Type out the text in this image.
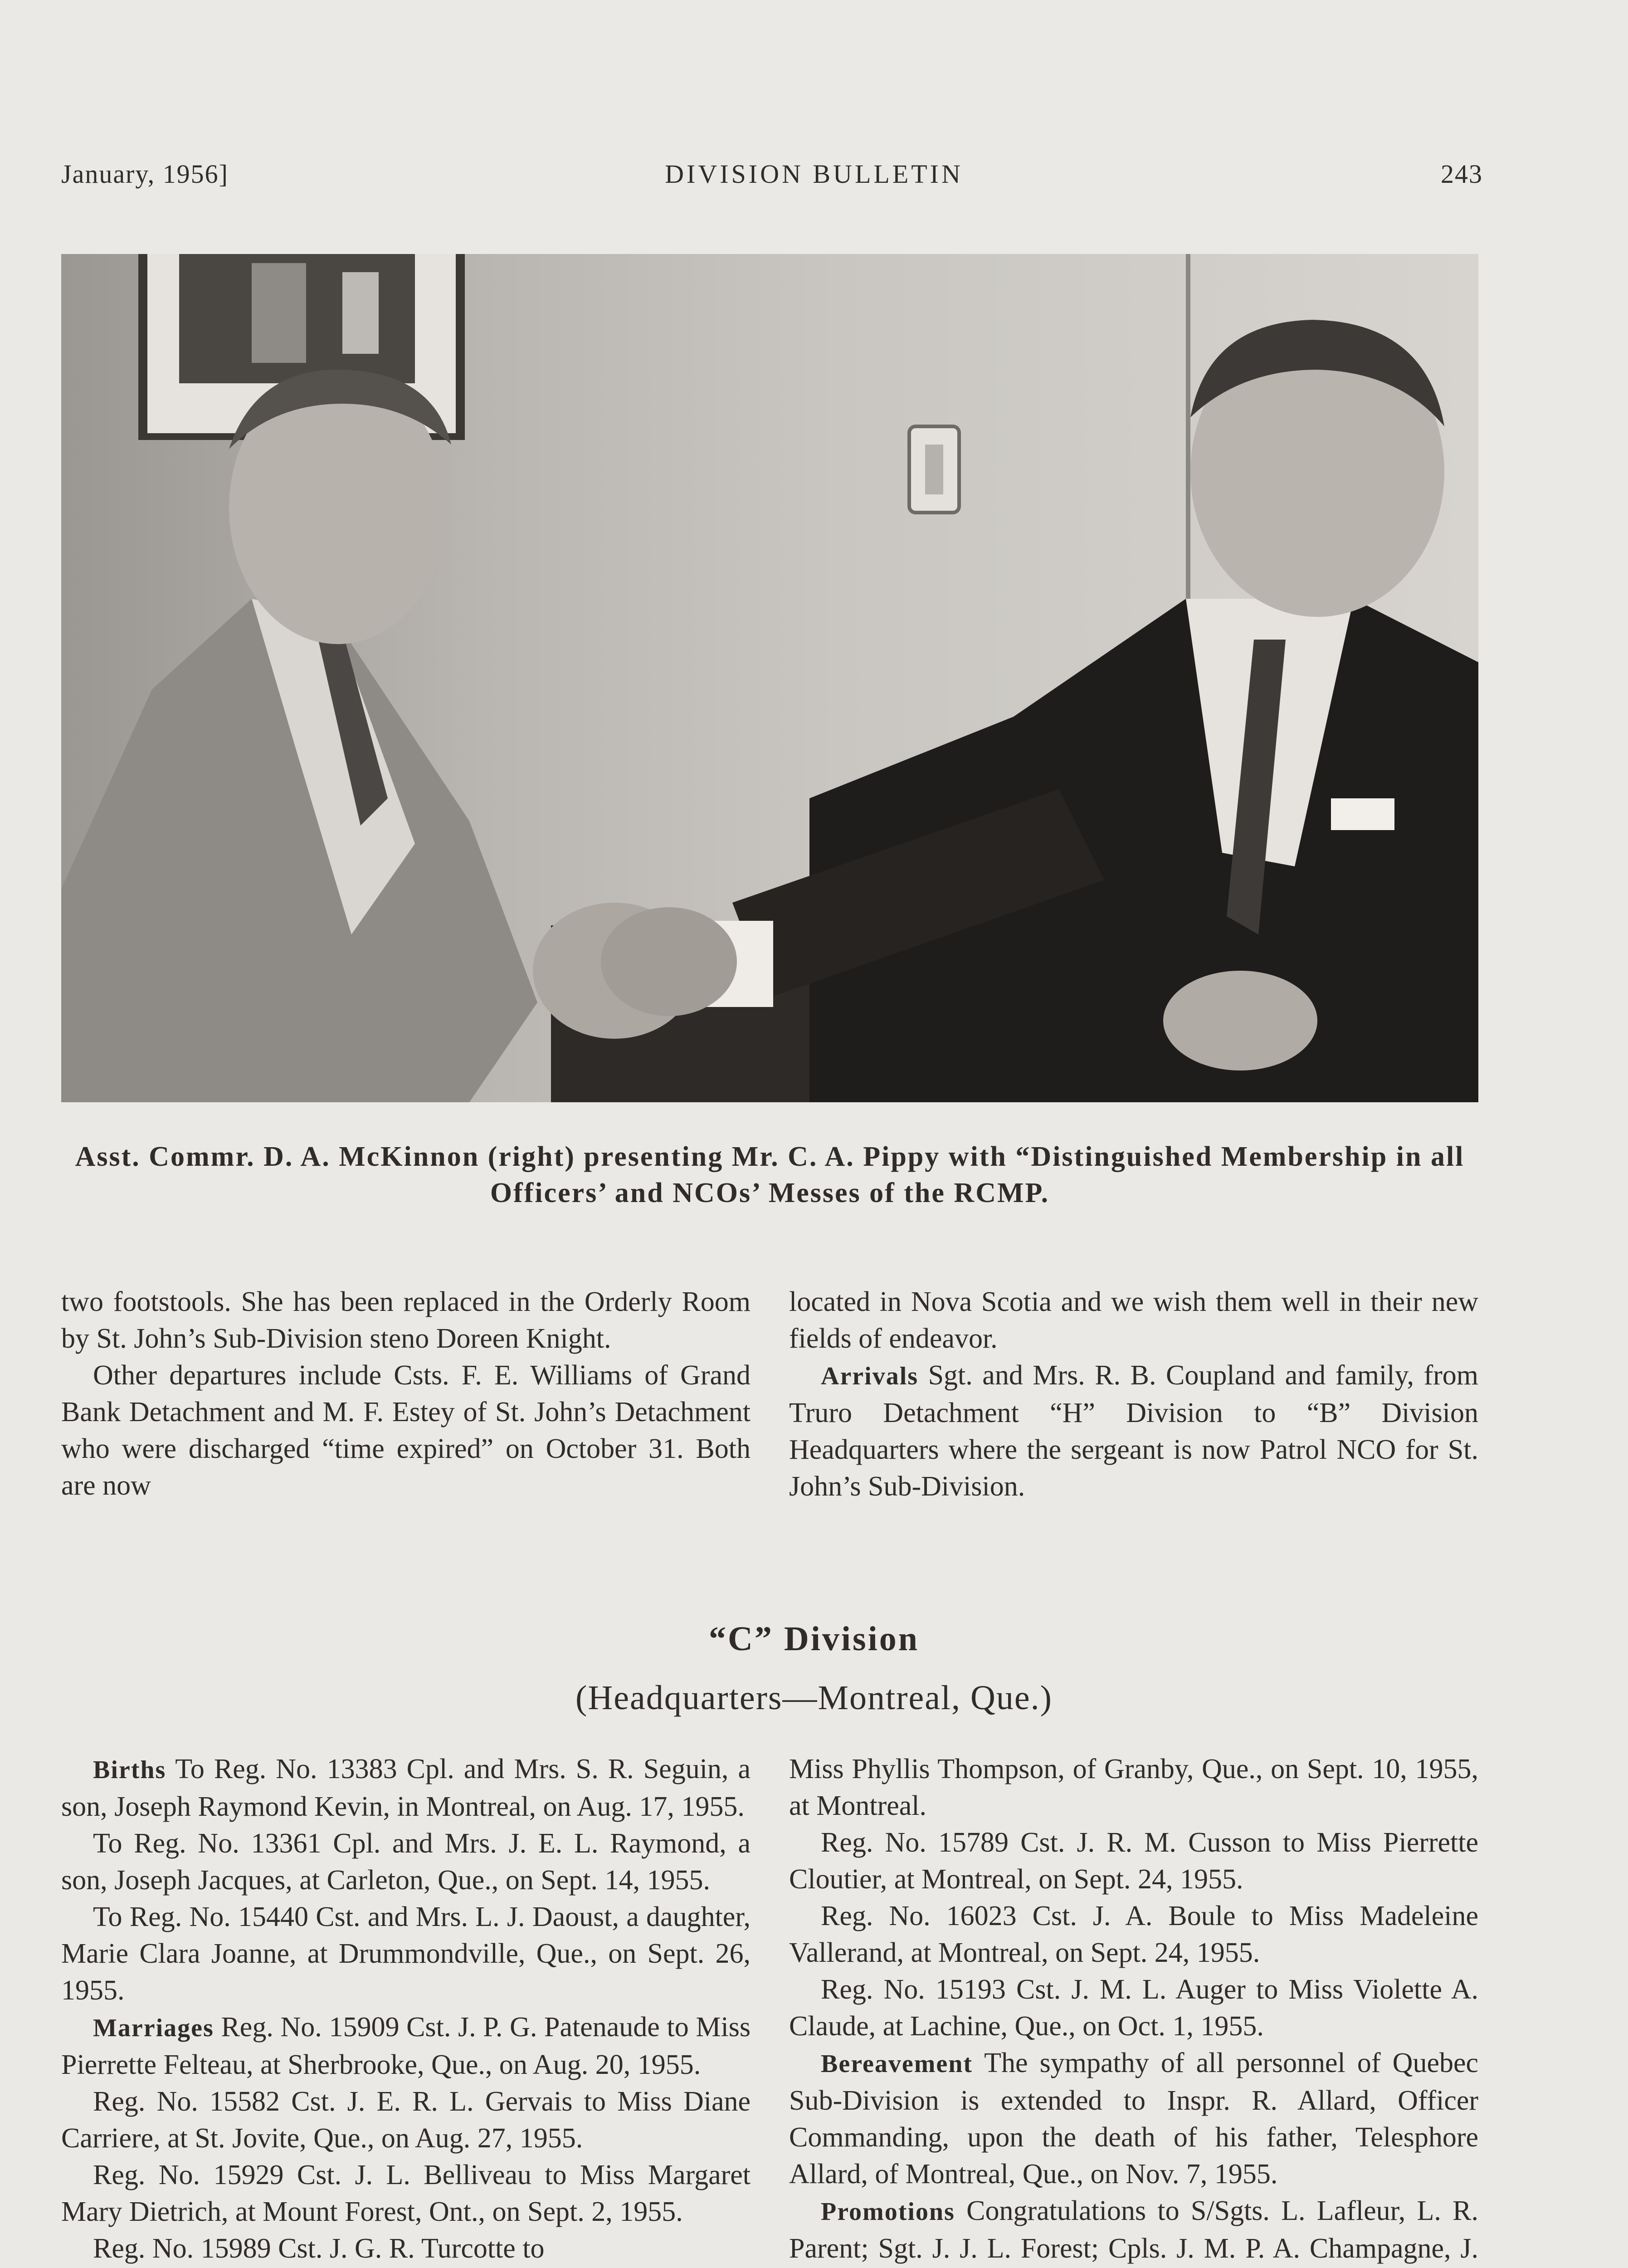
January, 1956]	DIVISION BULLETIN	243
Asst. Commr. D. A. McKinnon (right) presenting Mr. C. A. Pippy with “Distinguished Membership in all Officers’ and NCOs’ Messes of the RCMP.

two footstools. She has been replaced in the Orderly Room by St. John’s Sub-Division steno Doreen Knight.

Other departures include Csts. F. E. Williams of Grand Bank Detachment and M. F. Estey of St. John’s Detachment who were discharged “time expired” on October 31. Both are now

located in Nova Scotia and we wish them well in their new fields of endeavor.

Arrivals Sgt. and Mrs. R. B. Coupland and family, from Truro Detachment “H” Division to “B” Division Headquarters where the sergeant is now Patrol NCO for St. John’s Sub-Division.

“C” Division
(Headquarters—Montreal, Que.)

Births To Reg. No. 13383 Cpl. and Mrs. S. R. Seguin, a son, Joseph Raymond Kevin, in Montreal, on Aug. 17, 1955.

To Reg. No. 13361 Cpl. and Mrs. J. E. L. Raymond, a son, Joseph Jacques, at Carleton, Que., on Sept. 14, 1955.

To Reg. No. 15440 Cst. and Mrs. L. J. Daoust, a daughter, Marie Clara Joanne, at Drummondville, Que., on Sept. 26, 1955.

Marriages Reg. No. 15909 Cst. J. P. G. Patenaude to Miss Pierrette Felteau, at Sherbrooke, Que., on Aug. 20, 1955.

Reg. No. 15582 Cst. J. E. R. L. Gervais to Miss Diane Carriere, at St. Jovite, Que., on Aug. 27, 1955.

Reg. No. 15929 Cst. J. L. Belliveau to Miss Margaret Mary Dietrich, at Mount Forest, Ont., on Sept. 2, 1955.

Reg. No. 15989 Cst. J. G. R. Turcotte to

Miss Phyllis Thompson, of Granby, Que., on Sept. 10, 1955, at Montreal.

Reg. No. 15789 Cst. J. R. M. Cusson to Miss Pierrette Cloutier, at Montreal, on Sept. 24, 1955.

Reg. No. 16023 Cst. J. A. Boule to Miss Madeleine Vallerand, at Montreal, on Sept. 24, 1955.

Reg. No. 15193 Cst. J. M. L. Auger to Miss Violette A. Claude, at Lachine, Que., on Oct. 1, 1955.

Bereavement The sympathy of all personnel of Quebec Sub-Division is extended to Inspr. R. Allard, Officer Commanding, upon the death of his father, Telesphore Allard, of Montreal, Que., on Nov. 7, 1955.

Promotions Congratulations to S/Sgts. L. Lafleur, L. R. Parent; Sgt. J. J. L. Forest; Cpls. J. M. P. A. Champagne, J.
